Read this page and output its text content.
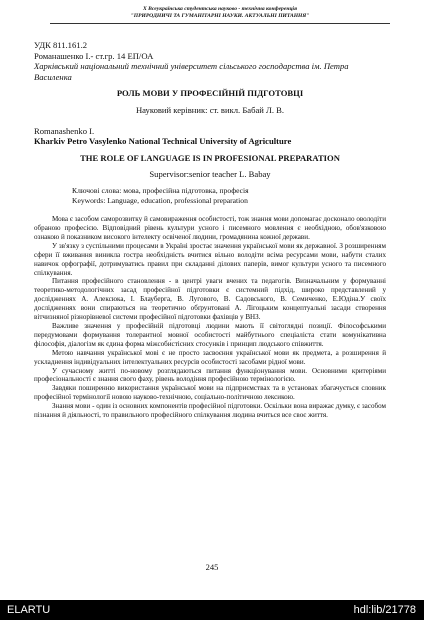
X Всеукраїнська студентська науково - технічна конференція
"ПРИРОДНИЧІ ТА ГУМАНІТАРНІ НАУКИ. АКТУАЛЬНІ ПИТАННЯ"

УДК 811.161.2

Романашенко І.- ст.гр. 14 ЕП/ОА

Харківський національний технічний університет сільського господарства ім. Петра Василенка

РОЛЬ МОВИ У ПРОФЕСІЙНІЙ ПІДГОТОВЦІ

Науковий керівник: ст. викл. Бабай Л. В.

Romanashenko I.

Kharkiv Petro Vasylenko National Technical University of Agriculture

THE ROLE OF LANGUAGE IS IN PROFESIONAL PREPARATION

Supervisor:senior teacher L. Babay

Ключові слова: мова, професійна підготовка, професія

Keywords: Language, education, professional preparation

Мова є засобом саморозвитку й самовираження особистості, тож знання мови допомагає досконало оволодіти обраною професією. Відповідний рівень культури усного і писемного мовлення є необхідною, обов'язковою ознакою й показником високого інтелекту освіченої людини, громадянина кожної держави.

У зв'язку з суспільними процесами в Україні зростає значення української мови як державної. З розширенням сфери її вживання виникла гостра необхідність вчитися вільно володіти всіма ресурсами мови, набути сталих навичок орфографії, дотримуватись правил при складанні ділових паперів, вимог культури усного та писемного спілкування.

Питання професійного становлення - в центрі уваги вчених та педагогів. Визначальним у формуванні теоретико-методологічних засад професійної підготовки є системний підхід, широко представлений у дослідженнях А. Алексюка, І. Блауберга, В. Лугового, В. Садовського, В. Семиченко, Е.Юдіна.У своїх дослідженнях вони спираються на теоретично обґрунтовані А. Лігоцьким концептуальні засади створення вітчизняної різнорівневої системи професійної підготовки фахівців у ВНЗ.

Важливе значення у професійній підготовці людини мають її світоглядні позиції. Філософськими передумовами формування толерантної мовної особистості майбутнього спеціаліста стати комунікативна філософія, діалогізм як єдина форма міжсоби́стісних стосунків і принцип людського співжиття.

Метою навчання української мові є не просто засвоєння української мови як предмета, а розширення й ускладнення індивідуальних інтелектуальних ресурсів особистості засобами рідної мови.

У сучасному житті по-новому розглядаються питання функціонування мови. Основними критеріями професіональності є знання свого фаху, рівень володіння професійною термінологією.

Завдяки поширенню використання української мови на підприємствах та в установах збагачується словник професійної термінології новою науково-технічною, соціально-політичною лексикою.

Знання мови - один із основних компонентів професійної підготовки. Оскільки вона виражає думку, є засобом пізнання й діяльності, то правильного професійного спілкування людина вчиться все своє життя.

245
ELARTU	hdl:lib/21778
